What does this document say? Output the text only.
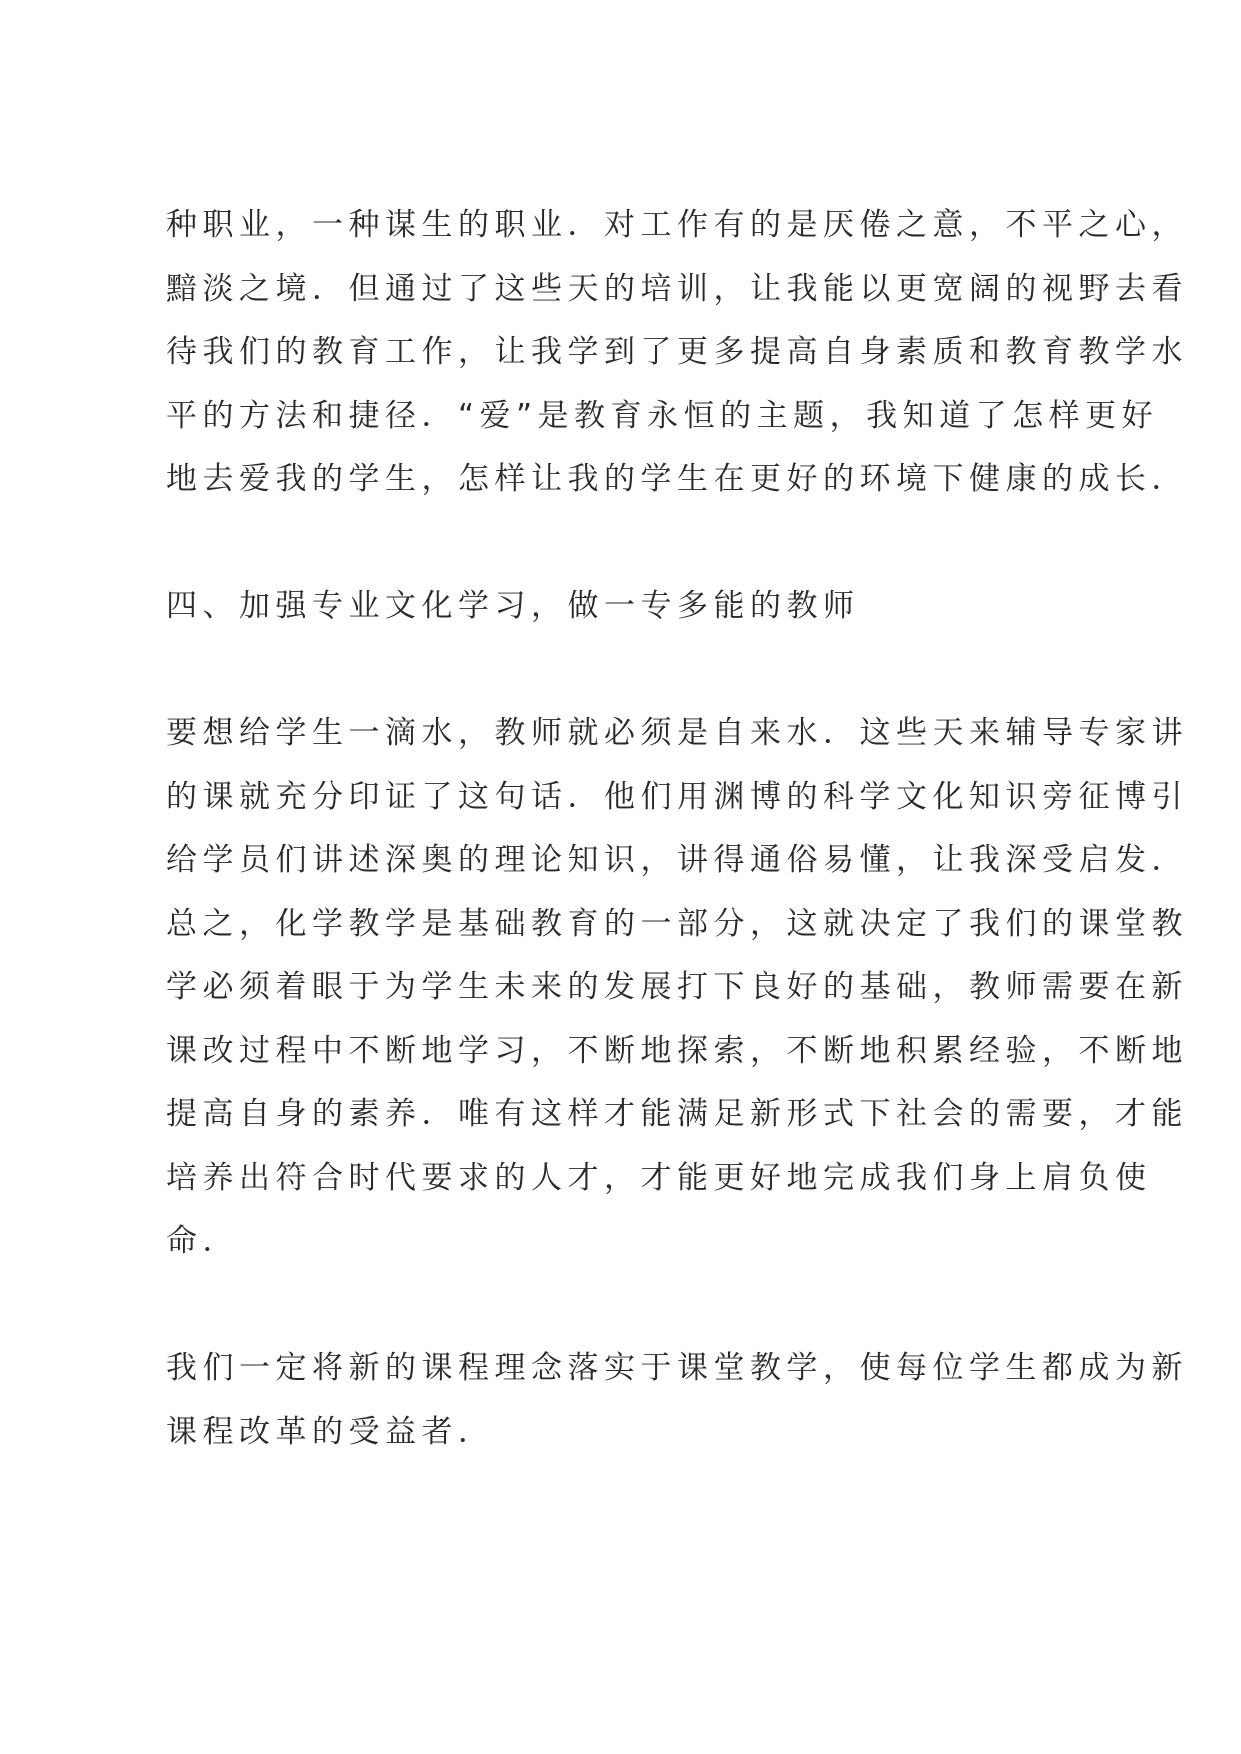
种职业，一种谋生的职业．对工作有的是厌倦之意，不平之心，
黯淡之境．但通过了这些天的培训，让我能以更宽阔的视野去看
待我们的教育工作，让我学到了更多提高自身素质和教育教学水
平的方法和捷径．“爱”是教育永恒的主题，我知道了怎样更好
地去爱我的学生，怎样让我的学生在更好的环境下健康的成长．
四、加强专业文化学习，做一专多能的教师
要想给学生一滴水，教师就必须是自来水．这些天来辅导专家讲
的课就充分印证了这句话．他们用渊博的科学文化知识旁征博引
给学员们讲述深奥的理论知识，讲得通俗易懂，让我深受启发．
总之，化学教学是基础教育的一部分，这就决定了我们的课堂教
学必须着眼于为学生未来的发展打下良好的基础，教师需要在新
课改过程中不断地学习，不断地探索，不断地积累经验，不断地
提高自身的素养．唯有这样才能满足新形式下社会的需要，才能
培养出符合时代要求的人才，才能更好地完成我们身上肩负使
命．
我们一定将新的课程理念落实于课堂教学，使每位学生都成为新
课程改革的受益者．
